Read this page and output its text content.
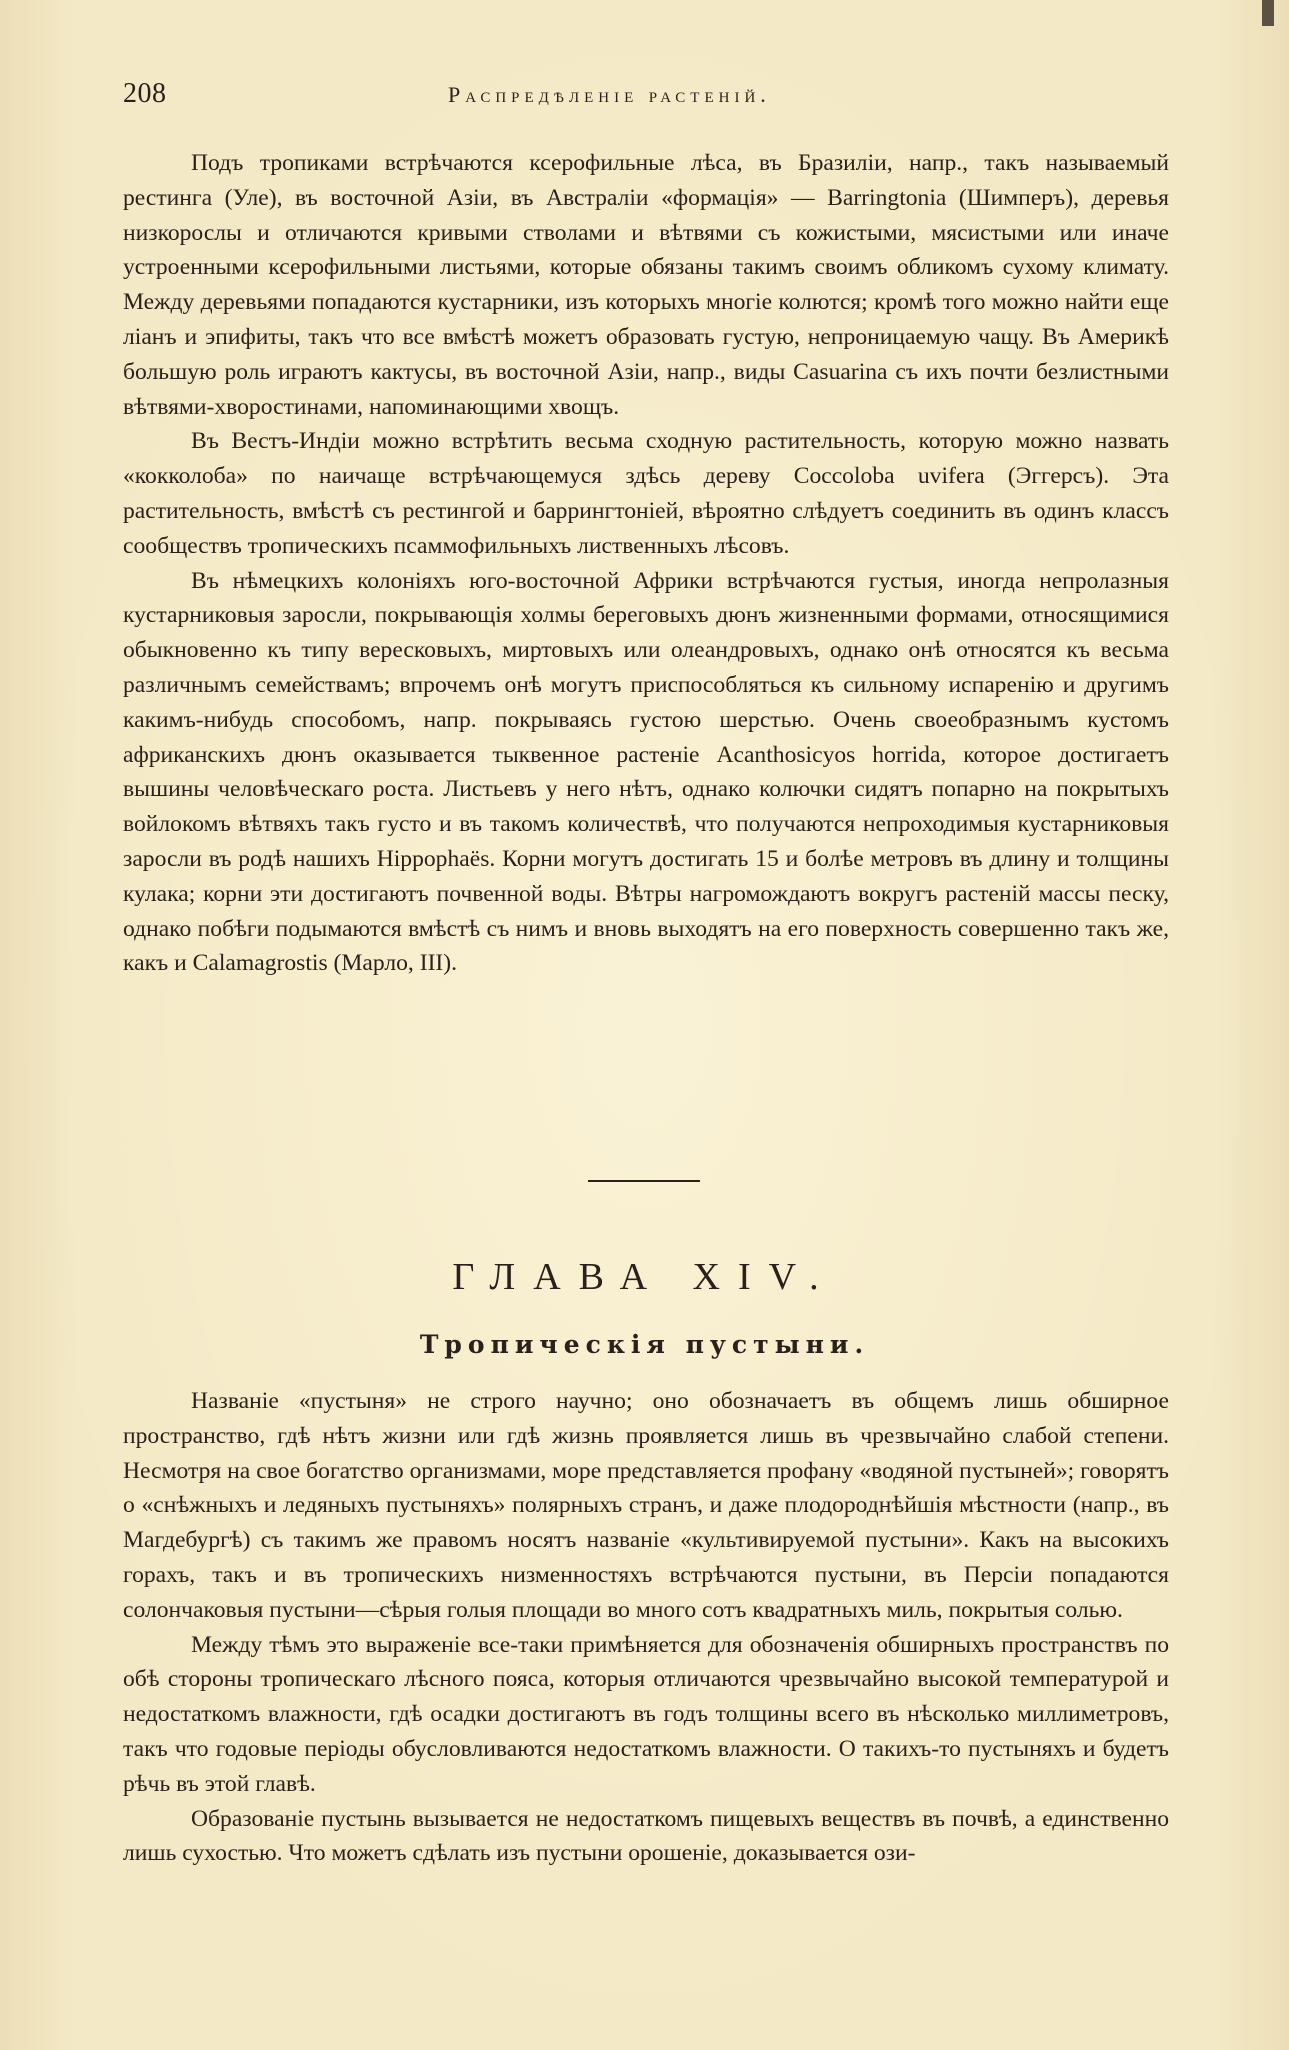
208	Распредѣленіе растеній.

Подъ тропиками встрѣчаются ксерофильные лѣса, въ Бразиліи, напр., такъ называемый рестинга (Уле), въ восточной Азіи, въ Австраліи «формація» — Barringtonia (Шимперъ), деревья низкорослы и отличаются кривыми стволами и вѣтвями съ кожистыми, мясистыми или иначе устроенными ксерофильными листьями, которые обязаны такимъ своимъ обликомъ сухому климату. Между деревьями попадаются кустарники, изъ которыхъ многіе колются; кромѣ того можно найти еще ліанъ и эпифиты, такъ что все вмѣстѣ можетъ образовать густую, непроницаемую чащу. Въ Америкѣ большую роль играютъ кактусы, въ восточной Азіи, напр., виды Casuarina съ ихъ почти безлистными вѣтвями-хворостинами, напоминающими хвощъ.

Въ Вестъ-Индіи можно встрѣтить весьма сходную растительность, которую можно назвать «кокколоба» по наичаще встрѣчающемуся здѣсь дереву Coccoloba uvifera (Эггерсъ). Эта растительность, вмѣстѣ съ рестингой и баррингтоніей, вѣроятно слѣдуетъ соединить въ одинъ классъ сообществъ тропическихъ псаммофильныхъ лиственныхъ лѣсовъ.

Въ нѣмецкихъ колоніяхъ юго-восточной Африки встрѣчаются густыя, иногда непролазныя кустарниковыя заросли, покрывающія холмы береговыхъ дюнъ жизненными формами, относящимися обыкновенно къ типу вересковыхъ, миртовыхъ или олеандровыхъ, однако онѣ относятся къ весьма различнымъ семействамъ; впрочемъ онѣ могутъ приспособляться къ сильному испаренію и другимъ какимъ-нибудь способомъ, напр. покрываясь густою шерстью. Очень своеобразнымъ кустомъ африканскихъ дюнъ оказывается тыквенное растеніе Acanthosicyos horrida, которое достигаетъ вышины человѣческаго роста. Листьевъ у него нѣтъ, однако колючки сидятъ попарно на покрытыхъ войлокомъ вѣтвяхъ такъ густо и въ такомъ количествѣ, что получаются непроходимыя кустарниковыя заросли въ родѣ нашихъ Hippophaës. Корни могутъ достигать 15 и болѣе метровъ въ длину и толщины кулака; корни эти достигаютъ почвенной воды. Вѣтры нагромождаютъ вокругъ растеній массы песку, однако побѣги подымаются вмѣстѣ съ нимъ и вновь выходятъ на его поверхность совершенно такъ же, какъ и Calamagrostis (Марло, III).

ГЛАВА XIV.
Тропическія пустыни.

Названіе «пустыня» не строго научно; оно обозначаетъ въ общемъ лишь обширное пространство, гдѣ нѣтъ жизни или гдѣ жизнь проявляется лишь въ чрезвычайно слабой степени. Несмотря на свое богатство организмами, море представляется профану «водяной пустыней»; говорятъ о «снѣжныхъ и ледяныхъ пустыняхъ» полярныхъ странъ, и даже плодороднѣйшія мѣстности (напр., въ Магдебургѣ) съ такимъ же правомъ носятъ названіе «культивируемой пустыни». Какъ на высокихъ горахъ, такъ и въ тропическихъ низменностяхъ встрѣчаются пустыни, въ Персіи попадаются солончаковыя пустыни—сѣрыя голыя площади во много сотъ квадратныхъ миль, покрытыя солью.

Между тѣмъ это выраженіе все-таки примѣняется для обозначенія обширныхъ пространствъ по обѣ стороны тропическаго лѣсного пояса, которыя отличаются чрезвычайно высокой температурой и недостаткомъ влажности, гдѣ осадки достигаютъ въ годъ толщины всего въ нѣсколько миллиметровъ, такъ что годовые періоды обусловливаются недостаткомъ влажности. О такихъ-то пустыняхъ и будетъ рѣчь въ этой главѣ.

Образованіе пустынь вызывается не недостаткомъ пищевыхъ веществъ въ почвѣ, а единственно лишь сухостью. Что можетъ сдѣлать изъ пустыни орошеніе, доказывается ози-
